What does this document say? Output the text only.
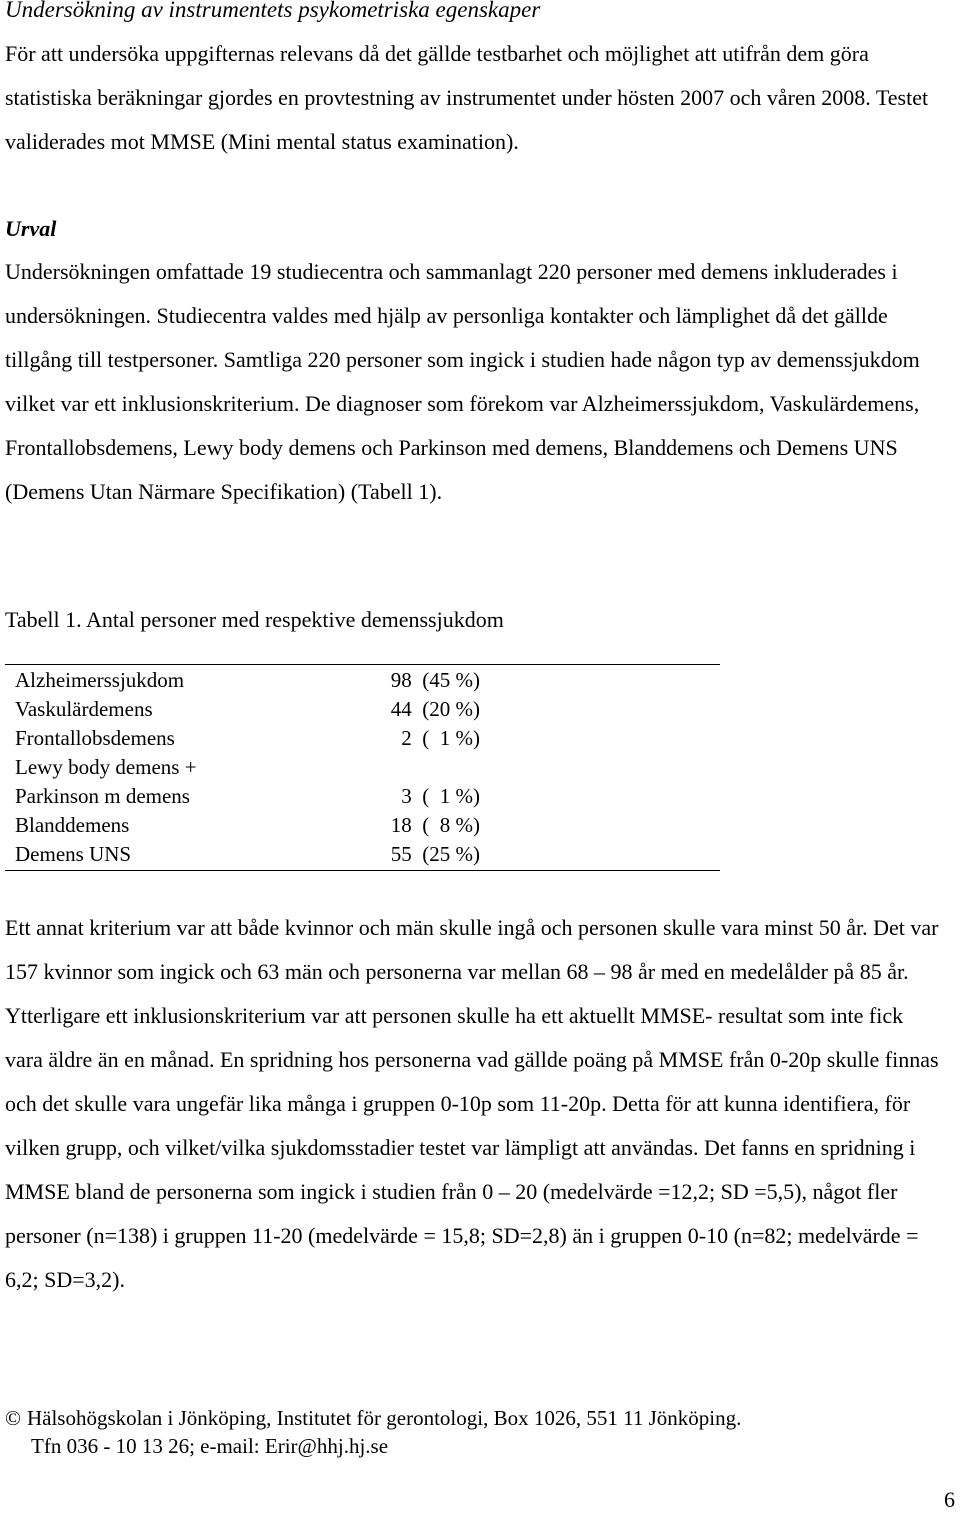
Undersökning av instrumentets psykometriska egenskaper

För att undersöka uppgifternas relevans då det gällde testbarhet och möjlighet att utifrån dem göra statistiska beräkningar gjordes en provtestning av instrumentet under hösten 2007 och våren 2008. Testet validerades mot MMSE (Mini mental status examination).

Urval

Undersökningen omfattade 19 studiecentra och sammanlagt 220 personer med demens inkluderades i undersökningen. Studiecentra valdes med hjälp av personliga kontakter och lämplighet då det gällde tillgång till testpersoner. Samtliga 220 personer som ingick i studien hade någon typ av demenssjukdom vilket var ett inklusionskriterium. De diagnoser som förekom var Alzheimerssjukdom, Vaskulärdemens, Frontallobsdemens, Lewy body demens och Parkinson med demens, Blanddemens och Demens UNS (Demens Utan Närmare Specifikation) (Tabell 1).

Tabell 1. Antal personer med respektive demenssjukdom
Alzheimerssjukdom	98  (45 %)
Vaskulärdemens	44  (20 %)
Frontallobsdemens	2  (  1 %)
Lewy body demens +
Parkinson m demens	3  (  1 %)
Blanddemens	18  (  8 %)
Demens UNS	55  (25 %)

Ett annat kriterium var att både kvinnor och män skulle ingå och personen skulle vara minst 50 år. Det var 157 kvinnor som ingick och 63 män och personerna var mellan 68 – 98 år med en medelålder på 85 år. Ytterligare ett inklusionskriterium var att personen skulle ha ett aktuellt MMSE- resultat som inte fick vara äldre än en månad. En spridning hos personerna vad gällde poäng på MMSE från 0-20p skulle finnas och det skulle vara ungefär lika många i gruppen 0-10p som 11-20p. Detta för att kunna identifiera, för vilken grupp, och vilket/vilka sjukdomsstadier testet var lämpligt att användas. Det fanns en spridning i MMSE bland de personerna som ingick i studien från 0 – 20 (medelvärde =12,2; SD =5,5), något fler personer (n=138) i gruppen 11-20 (medelvärde = 15,8; SD=2,8) än i gruppen 0-10 (n=82; medelvärde = 6,2; SD=3,2).

© Hälsohögskolan i Jönköping, Institutet för gerontologi, Box 1026, 551 11 Jönköping.
Tfn 036 - 10 13 26; e-mail: Erir@hhj.hj.se
6
